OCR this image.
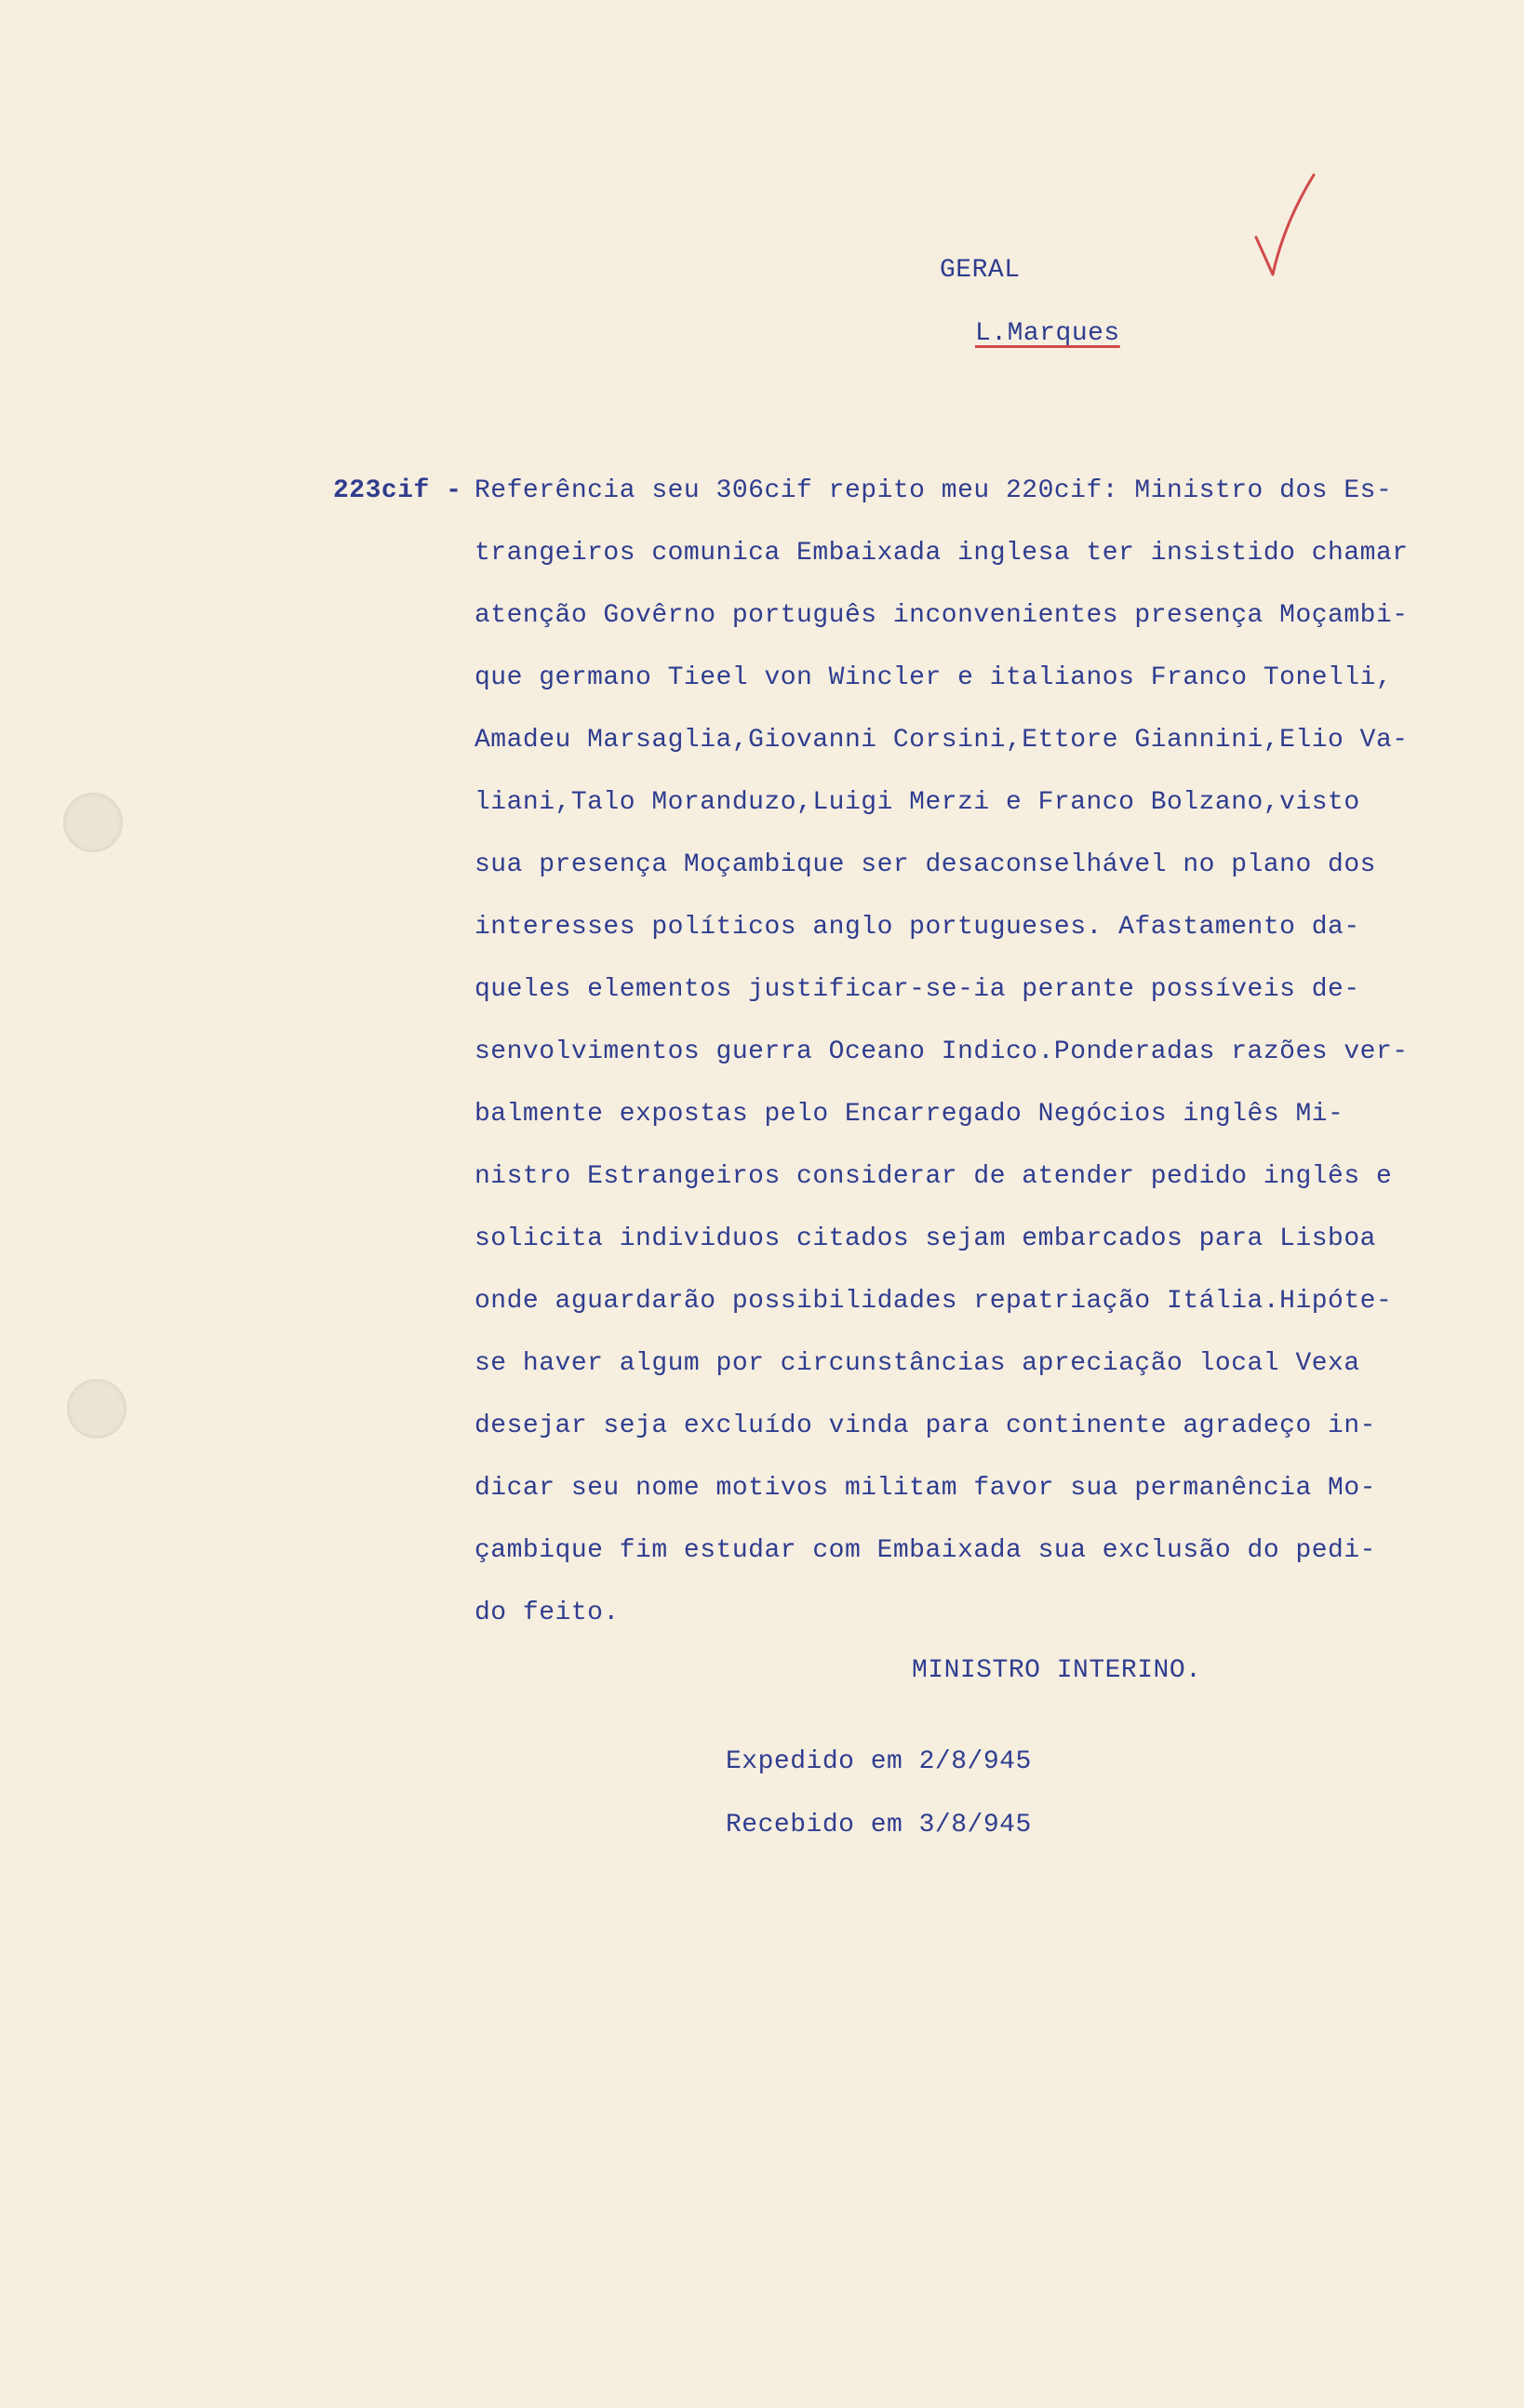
GERAL
L.Marques
223cif - Referência seu 306cif repito meu 220cif: Ministro dos Es-
trangeiros comunica Embaixada inglesa ter insistido chamar
atenção Govêrno português inconvenientes presença Moçambi-
que germano Tieel von Wincler e italianos Franco Tonelli,
Amadeu Marsaglia,Giovanni Corsini,Ettore Giannini,Elio Va-
liani,Talo Moranduzo,Luigi Merzi e Franco Bolzano,visto
sua presença Moçambique ser desaconselhável no plano dos
interesses políticos anglo portugueses. Afastamento da-
queles elementos justificar-se-ia perante possíveis de-
senvolvimentos guerra Oceano Indico.Ponderadas razões ver-
balmente expostas pelo Encarregado Negócios inglês Mi-
nistro Estrangeiros considerar de atender pedido inglês e
solicita individuos citados sejam embarcados para Lisboa
onde aguardarão possibilidades repatriação Itália.Hipóte-
se haver algum por circunstâncias apreciação local Vexa
desejar seja excluído vinda para continente agradeço in-
dicar seu nome motivos militam favor sua permanência Mo-
çambique fim estudar com Embaixada sua exclusão do pedi-
do feito.
MINISTRO INTERINO.
Expedido em 2/8/945
Recebido em 3/8/945
